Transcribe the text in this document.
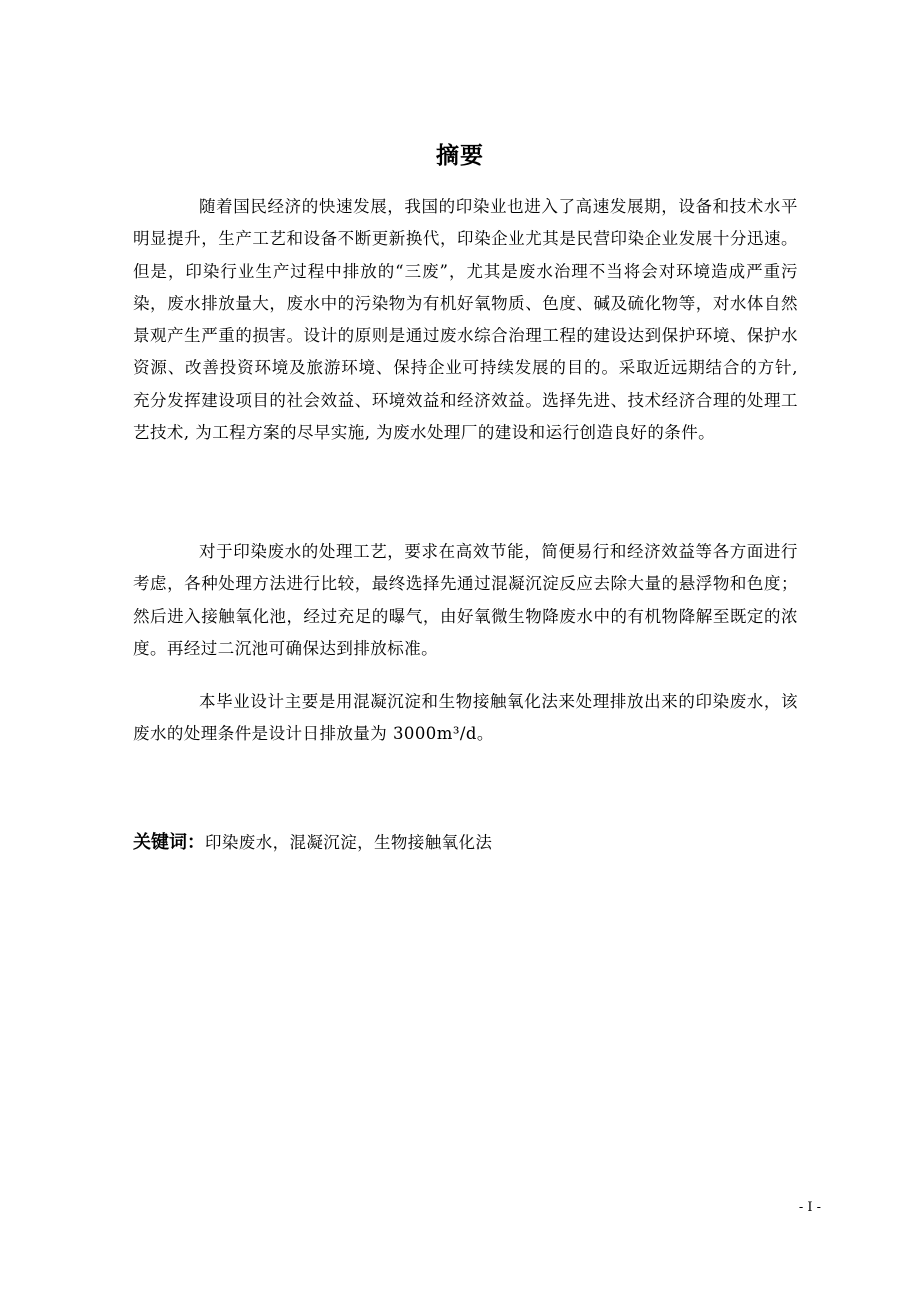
摘要

随着国民经济的快速发展，我国的印染业也进入了高速发展期，设备和技术水平明显提升，生产工艺和设备不断更新换代，印染企业尤其是民营印染企业发展十分迅速。但是，印染行业生产过程中排放的“三废”，尤其是废水治理不当将会对环境造成严重污染，废水排放量大，废水中的污染物为有机好氧物质、色度、碱及硫化物等，对水体自然景观产生严重的损害。设计的原则是通过废水综合治理工程的建设达到保护环境、保护水资源、改善投资环境及旅游环境、保持企业可持续发展的目的。采取近远期结合的方针, 充分发挥建设项目的社会效益、环境效益和经济效益。选择先进、技术经济合理的处理工艺技术, 为工程方案的尽早实施, 为废水处理厂的建设和运行创造良好的条件。

对于印染废水的处理工艺，要求在高效节能，简便易行和经济效益等各方面进行考虑，各种处理方法进行比较，最终选择先通过混凝沉淀反应去除大量的悬浮物和色度；然后进入接触氧化池，经过充足的曝气，由好氧微生物降废水中的有机物降解至既定的浓度。再经过二沉池可确保达到排放标准。

本毕业设计主要是用混凝沉淀和生物接触氧化法来处理排放出来的印染废水，该废水的处理条件是设计日排放量为 3000m³/d。

关键词：印染废水，混凝沉淀，生物接触氧化法
- I -
